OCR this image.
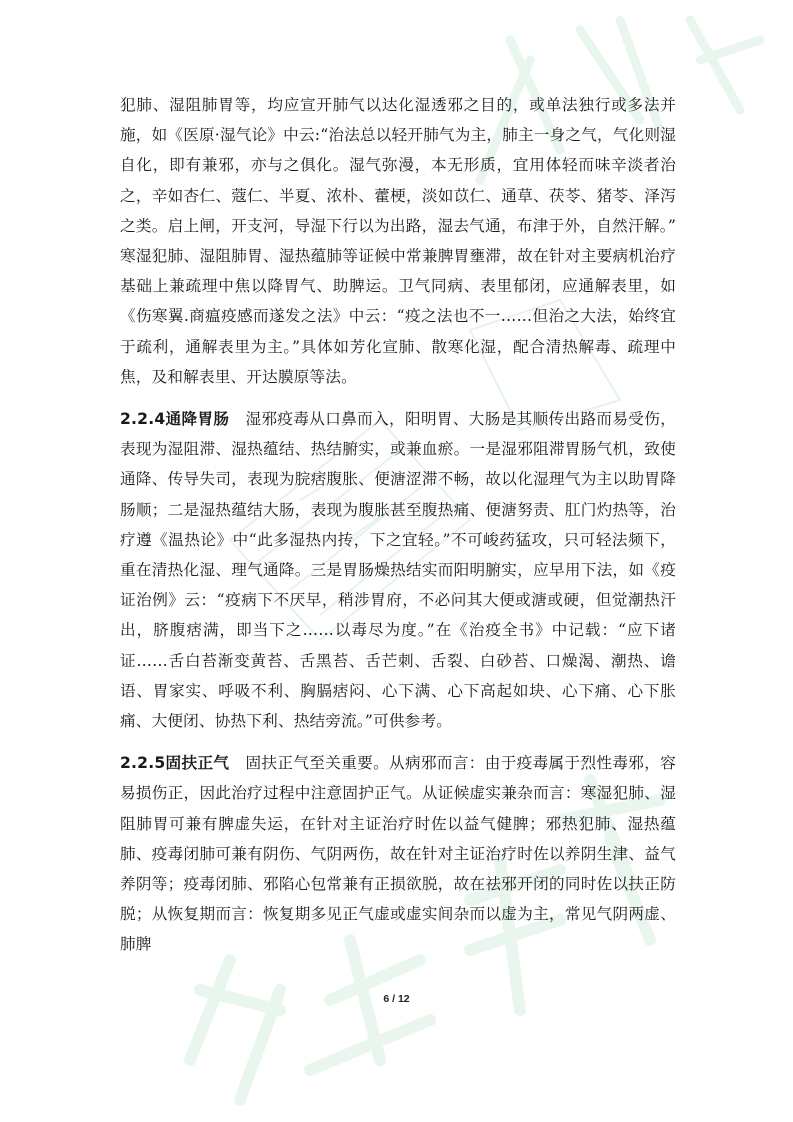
犯肺、湿阻肺胃等，均应宣开肺气以达化湿透邪之目的，或单法独行或多法并施，如《医原·湿气论》中云:“治法总以轻开肺气为主，肺主一身之气，气化则湿自化，即有兼邪，亦与之俱化。湿气弥漫，本无形质，宜用体轻而味辛淡者治之，辛如杏仁、蔻仁、半夏、浓朴、藿梗，淡如苡仁、通草、茯苓、猪苓、泽泻之类。启上闸，开支河，导湿下行以为出路，湿去气通，布津于外，自然汗解。” 寒湿犯肺、湿阻肺胃、湿热蕴肺等证候中常兼脾胃壅滞，故在针对主要病机治疗基础上兼疏理中焦以降胃气、助脾运。卫气同病、表里郁闭，应通解表里，如《伤寒翼.商瘟疫感而遂发之法》中云：“疫之法也不一……但治之大法，始终宜于疏利，通解表里为主。”具体如芳化宣肺、散寒化湿，配合清热解毒、疏理中焦，及和解表里、开达膜原等法。

2.2.4通降胃肠 湿邪疫毒从口鼻而入，阳明胃、大肠是其顺传出路而易受伤，表现为湿阻滞、湿热蕴结、热结腑实，或兼血瘀。一是湿邪阻滞胃肠气机，致使通降、传导失司，表现为脘痞腹胀、便溏涩滞不畅，故以化湿理气为主以助胃降肠顺；二是湿热蕴结大肠，表现为腹胀甚至腹热痛、便溏努责、肛门灼热等，治疗遵《温热论》中“此多湿热内抟，下之宜轻。”不可峻药猛攻，只可轻法频下，重在清热化湿、理气通降。三是胃肠燥热结实而阳明腑实，应早用下法，如《疫证治例》云：“疫病下不厌早，稍涉胃府，不必问其大便或溏或硬，但觉潮热汗出，脐腹痞满，即当下之……以毒尽为度。”在《治疫全书》中记载：“应下诸证……舌白苔渐变黄苔、舌黑苔、舌芒刺、舌裂、白砂苔、口燥渴、潮热、谵语、胃家实、呼吸不利、胸膈痞闷、心下满、心下高起如块、心下痛、心下胀痛、大便闭、协热下利、热结旁流。”可供参考。

2.2.5固扶正气 固扶正气至关重要。从病邪而言：由于疫毒属于烈性毒邪，容易损伤正，因此治疗过程中注意固护正气。从证候虚实兼杂而言：寒湿犯肺、湿阻肺胃可兼有脾虚失运，在针对主证治疗时佐以益气健脾；邪热犯肺、湿热蕴肺、疫毒闭肺可兼有阴伤、气阴两伤，故在针对主证治疗时佐以养阴生津、益气养阴等；疫毒闭肺、邪陷心包常兼有正损欲脱，故在祛邪开闭的同时佐以扶正防脱；从恢复期而言：恢复期多见正气虚或虚实间杂而以虚为主，常见气阴两虚、肺脾

6 / 12
